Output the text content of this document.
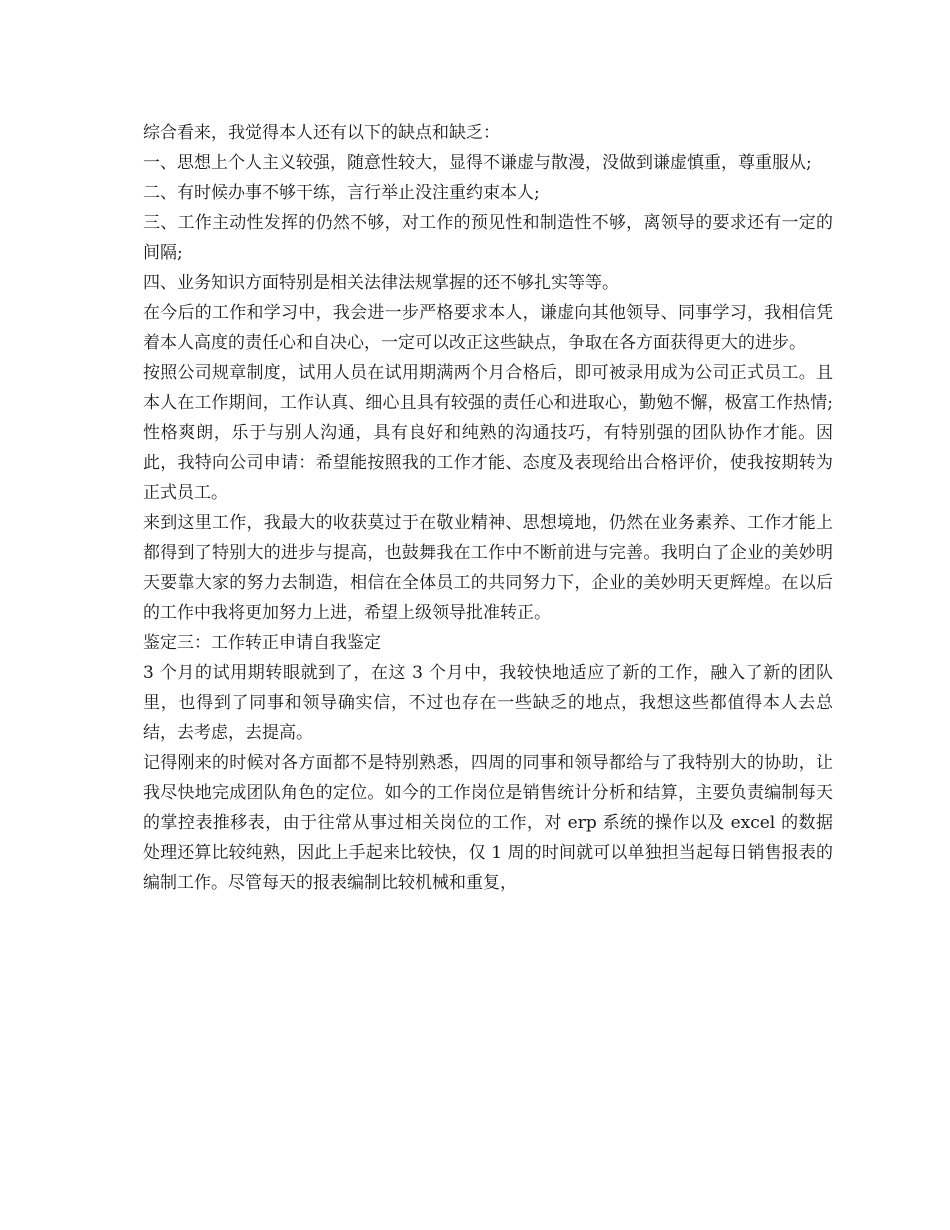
综合看来，我觉得本人还有以下的缺点和缺乏：

一、思想上个人主义较强，随意性较大，显得不谦虚与散漫，没做到谦虚慎重，尊重服从;

二、有时候办事不够干练，言行举止没注重约束本人;

三、工作主动性发挥的仍然不够，对工作的预见性和制造性不够，离领导的要求还有一定的间隔;

四、业务知识方面特别是相关法律法规掌握的还不够扎实等等。

在今后的工作和学习中，我会进一步严格要求本人，谦虚向其他领导、同事学习，我相信凭着本人高度的责任心和自决心，一定可以改正这些缺点，争取在各方面获得更大的进步。

按照公司规章制度，试用人员在试用期满两个月合格后，即可被录用成为公司正式员工。且本人在工作期间，工作认真、细心且具有较强的责任心和进取心，勤勉不懈，极富工作热情;性格爽朗，乐于与别人沟通，具有良好和纯熟的沟通技巧，有特别强的团队协作才能。因此，我特向公司申请：希望能按照我的工作才能、态度及表现给出合格评价，使我按期转为正式员工。

来到这里工作，我最大的收获莫过于在敬业精神、思想境地，仍然在业务素养、工作才能上都得到了特别大的进步与提高，也鼓舞我在工作中不断前进与完善。我明白了企业的美妙明天要靠大家的努力去制造，相信在全体员工的共同努力下，企业的美妙明天更辉煌。在以后的工作中我将更加努力上进，希望上级领导批准转正。

鉴定三：工作转正申请自我鉴定

3 个月的试用期转眼就到了，在这 3 个月中，我较快地适应了新的工作，融入了新的团队里，也得到了同事和领导确实信，不过也存在一些缺乏的地点，我想这些都值得本人去总结，去考虑，去提高。

记得刚来的时候对各方面都不是特别熟悉，四周的同事和领导都给与了我特别大的协助，让我尽快地完成团队角色的定位。如今的工作岗位是销售统计分析和结算，主要负责编制每天的掌控表推移表，由于往常从事过相关岗位的工作，对 erp 系统的操作以及 excel 的数据处理还算比较纯熟，因此上手起来比较快，仅 1 周的时间就可以单独担当起每日销售报表的编制工作。尽管每天的报表编制比较机械和重复，
